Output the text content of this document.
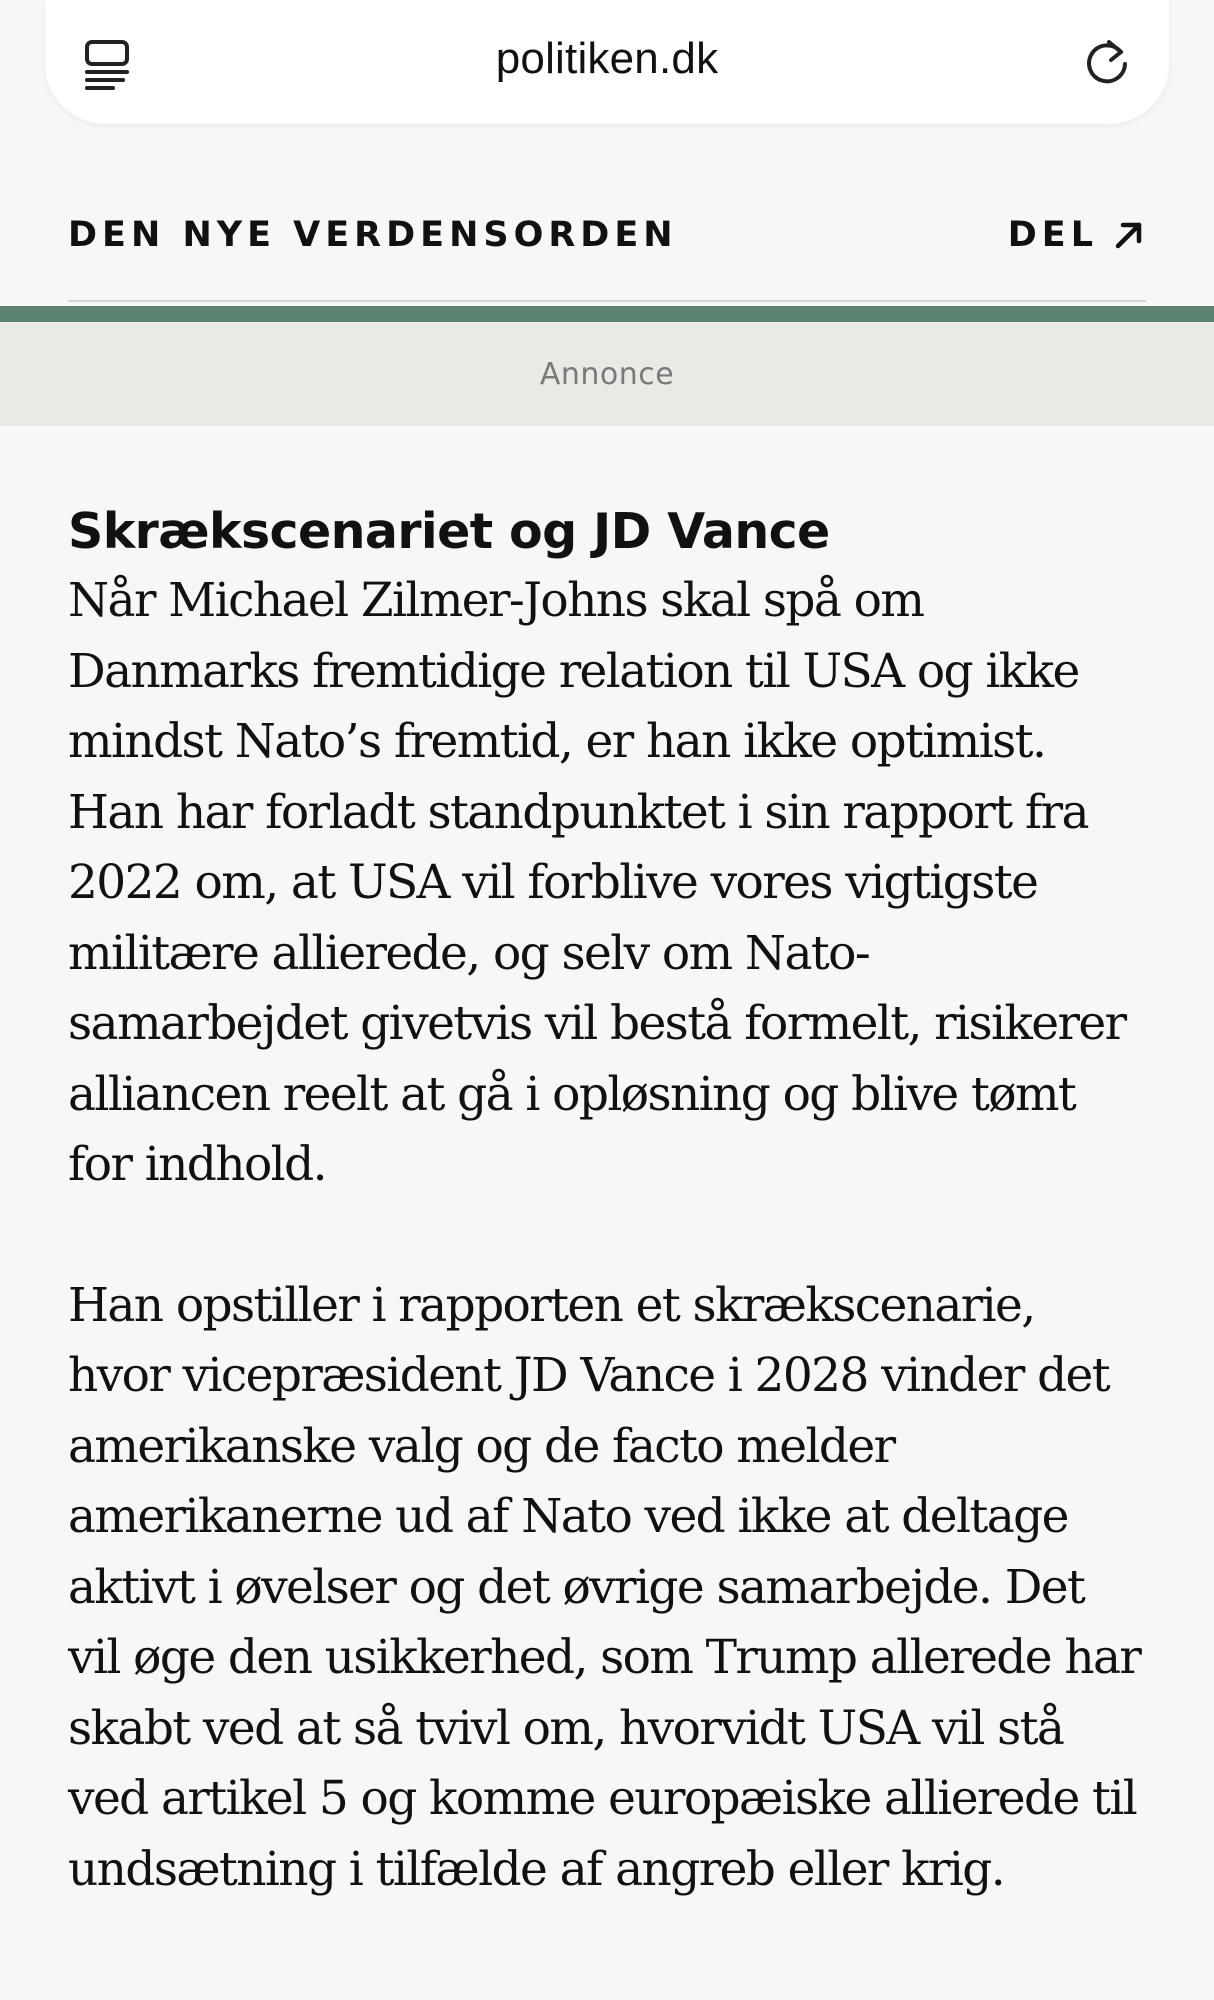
politiken.dk
DEN NYE VERDENSORDEN	DEL
Annonce
Skrækscenariet og JD Vance

Når Michael Zilmer-Johns skal spå om Danmarks fremtidige relation til USA og ikke mindst Nato’s fremtid, er han ikke optimist. Han har forladt standpunktet i sin rapport fra 2022 om, at USA vil forblive vores vigtigste militære allierede, og selv om Nato-samarbejdet givetvis vil bestå formelt, risikerer alliancen reelt at gå i opløsning og blive tømt for indhold.

Han opstiller i rapporten et skrækscenarie, hvor vicepræsident JD Vance i 2028 vinder det amerikanske valg og de facto melder amerikanerne ud af Nato ved ikke at deltage aktivt i øvelser og det øvrige samarbejde. Det vil øge den usikkerhed, som Trump allerede har skabt ved at så tvivl om, hvorvidt USA vil stå ved artikel 5 og komme europæiske allierede til undsætning i tilfælde af angreb eller krig.
